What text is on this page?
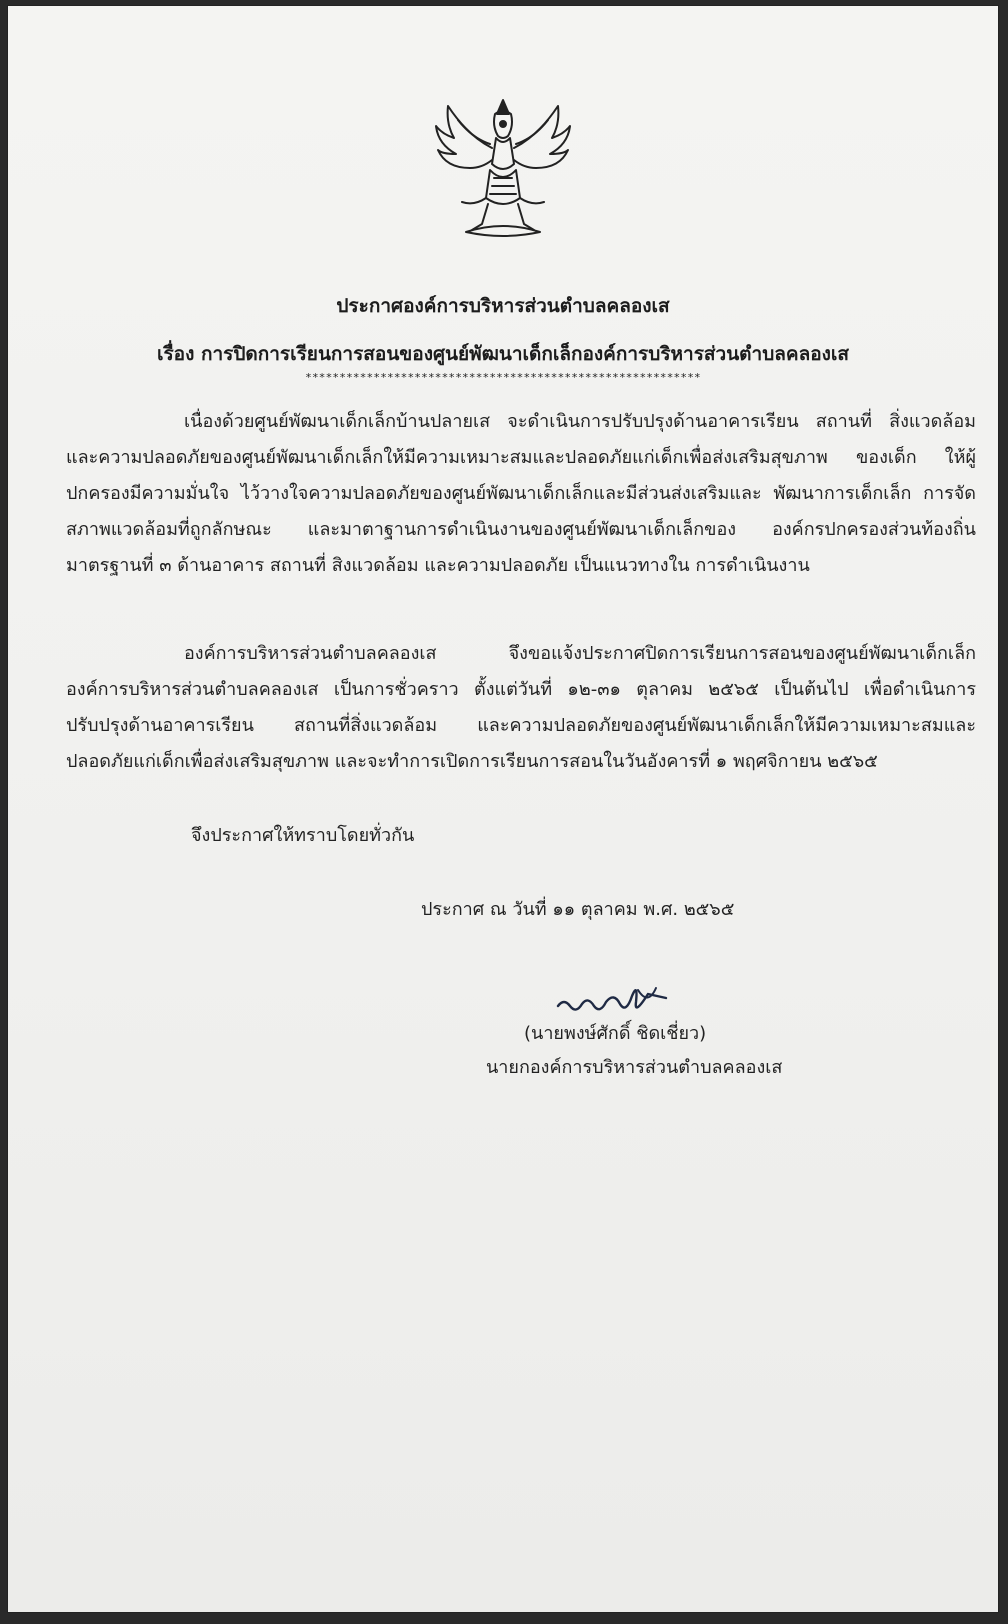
ประกาศองค์การบริหารส่วนตำบลคลองเส
เรื่อง การปิดการเรียนการสอนของศูนย์พัฒนาเด็กเล็กองค์การบริหารส่วนตำบลคลองเส
**********************************************************

เนื่องด้วยศูนย์พัฒนาเด็กเล็กบ้านปลายเส จะดำเนินการปรับปรุงด้านอาคารเรียน สถานที่ สิ่งแวดล้อม และความปลอดภัยของศูนย์พัฒนาเด็กเล็กให้มีความเหมาะสมและปลอดภัยแก่เด็กเพื่อส่งเสริมสุขภาพ ของเด็ก ให้ผู้ปกครองมีความมั่นใจ ไว้วางใจความปลอดภัยของศูนย์พัฒนาเด็กเล็กและมีส่วนส่งเสริมและ พัฒนาการเด็กเล็ก การจัดสภาพแวดล้อมที่ถูกลักษณะ และมาตาฐานการดำเนินงานของศูนย์พัฒนาเด็กเล็กของ องค์กรปกครองส่วนท้องถิ่น มาตรฐานที่ ๓ ด้านอาคาร สถานที่ สิงแวดล้อม และความปลอดภัย เป็นแนวทางใน การดำเนินงาน

องค์การบริหารส่วนตำบลคลองเส จึงขอแจ้งประกาศปิดการเรียนการสอนของศูนย์พัฒนาเด็กเล็ก องค์การบริหารส่วนตำบลคลองเส เป็นการชั่วคราว ตั้งแต่วันที่ ๑๒-๓๑ ตุลาคม ๒๕๖๕ เป็นต้นไป เพื่อดำเนินการ ปรับปรุงด้านอาคารเรียน สถานที่สิ่งแวดล้อม และความปลอดภัยของศูนย์พัฒนาเด็กเล็กให้มีความเหมาะสมและ ปลอดภัยแก่เด็กเพื่อส่งเสริมสุขภาพ และจะทำการเปิดการเรียนการสอนในวันอังคารที่ ๑ พฤศจิกายน ๒๕๖๕

จึงประกาศให้ทราบโดยทั่วกัน
ประกาศ ณ วันที่ ๑๑ ตุลาคม พ.ศ. ๒๕๖๕
(นายพงษ์ศักดิ์ ชิดเชี่ยว)
นายกองค์การบริหารส่วนตำบลคลองเส
